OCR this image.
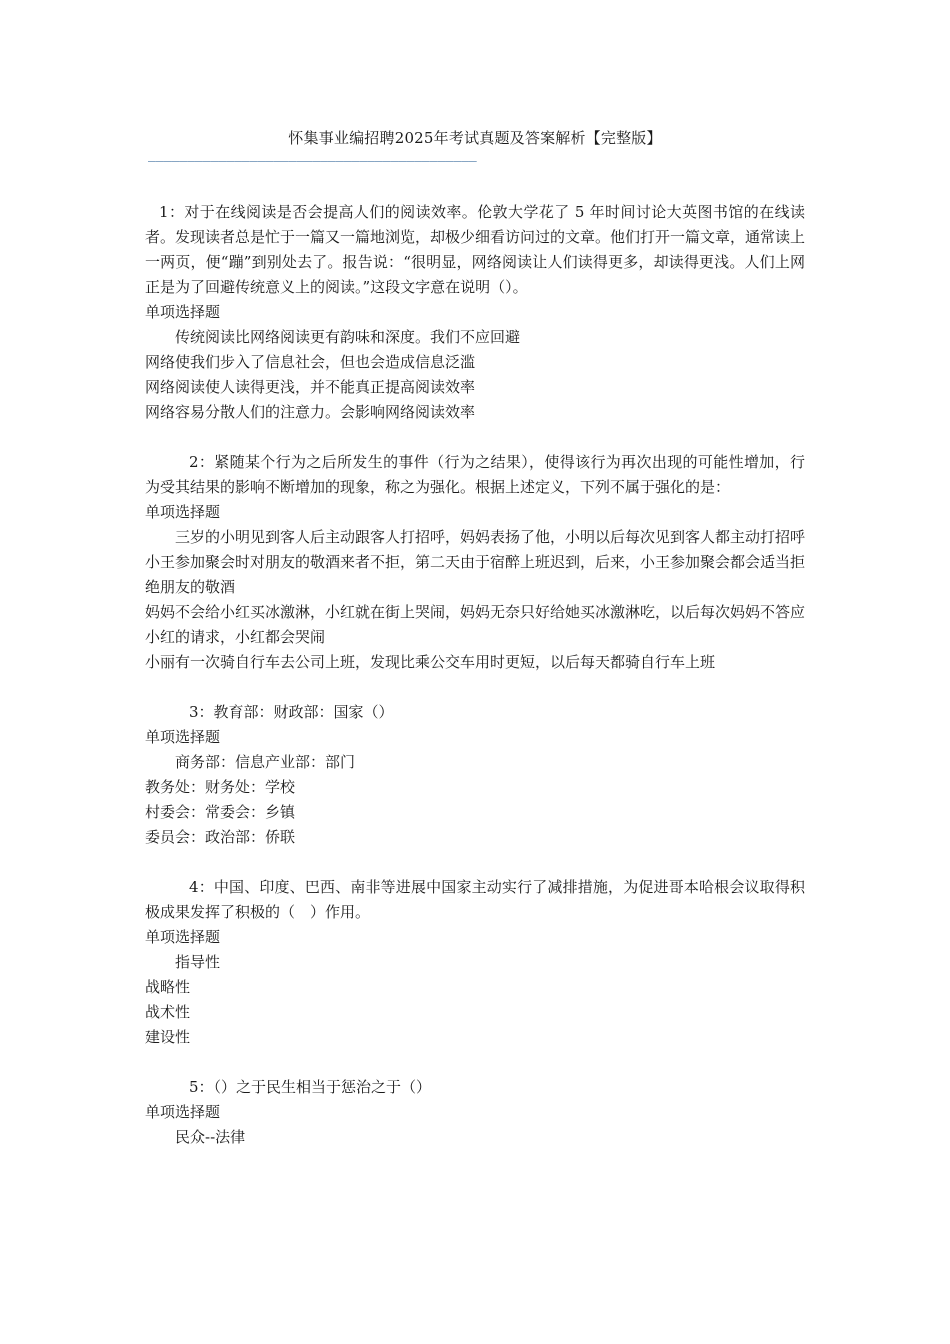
怀集事业编招聘2025年考试真题及答案解析【完整版】
——————————————————————————————————————————
1：对于在线阅读是否会提高人们的阅读效率。伦敦大学花了 5 年时间讨论大英图书馆的在线读者。发现读者总是忙于一篇又一篇地浏览，却极少细看访问过的文章。他们打开一篇文章，通常读上一两页，便“蹦”到别处去了。报告说：“很明显，网络阅读让人们读得更多，却读得更浅。人们上网正是为了回避传统意义上的阅读。”这段文字意在说明（）。
单项选择题
传统阅读比网络阅读更有韵味和深度。我们不应回避
网络使我们步入了信息社会，但也会造成信息泛滥
网络阅读使人读得更浅，并不能真正提高阅读效率
网络容易分散人们的注意力。会影响网络阅读效率
2：紧随某个行为之后所发生的事件（行为之结果），使得该行为再次出现的可能性增加，行为受其结果的影响不断增加的现象，称之为强化。根据上述定义，下列不属于强化的是：
单项选择题
三岁的小明见到客人后主动跟客人打招呼，妈妈表扬了他，小明以后每次见到客人都主动打招呼
小王参加聚会时对朋友的敬酒来者不拒，第二天由于宿醉上班迟到，后来，小王参加聚会都会适当拒绝朋友的敬酒
妈妈不会给小红买冰激淋，小红就在街上哭闹，妈妈无奈只好给她买冰激淋吃，以后每次妈妈不答应小红的请求，小红都会哭闹
小丽有一次骑自行车去公司上班，发现比乘公交车用时更短，以后每天都骑自行车上班
3：教育部：财政部：国家（）
单项选择题
商务部：信息产业部：部门
教务处：财务处：学校
村委会：常委会：乡镇
委员会：政治部：侨联
4：中国、印度、巴西、南非等进展中国家主动实行了减排措施，为促进哥本哈根会议取得积极成果发挥了积极的（　）作用。
单项选择题
指导性
战略性
战术性
建设性
5：（）之于民生相当于惩治之于（）
单项选择题
民众--法律
